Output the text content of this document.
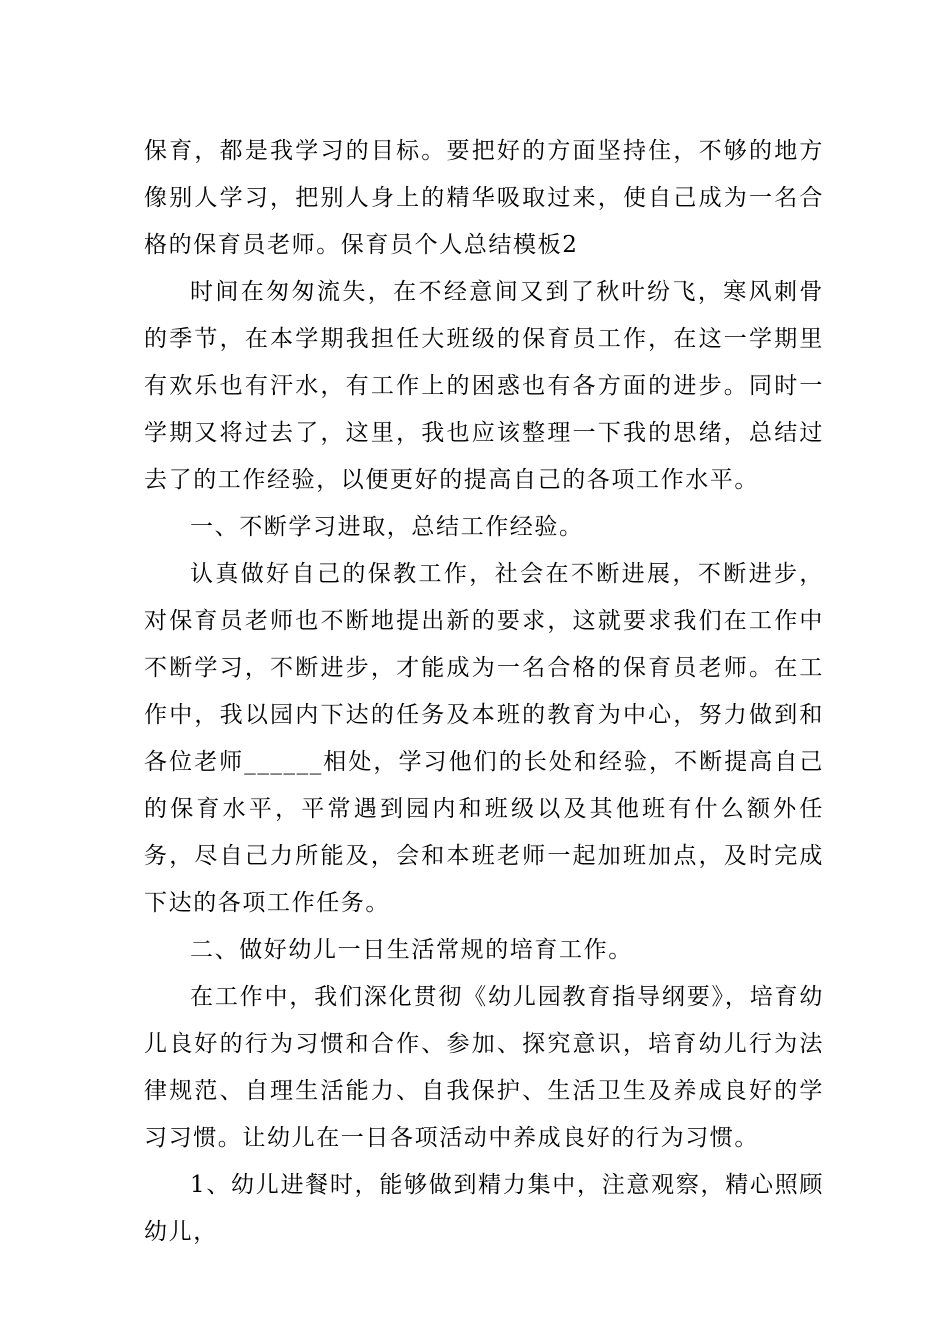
保育，都是我学习的目标。要把好的方面坚持住，不够的地方像别人学习，把别人身上的精华吸取过来，使自己成为一名合格的保育员老师。保育员个人总结模板2

时间在匆匆流失，在不经意间又到了秋叶纷飞，寒风刺骨的季节，在本学期我担任大班级的保育员工作，在这一学期里有欢乐也有汗水，有工作上的困惑也有各方面的进步。同时一学期又将过去了，这里，我也应该整理一下我的思绪，总结过去了的工作经验，以便更好的提高自己的各项工作水平。

一、不断学习进取，总结工作经验。

认真做好自己的保教工作，社会在不断进展，不断进步，对保育员老师也不断地提出新的要求，这就要求我们在工作中不断学习，不断进步，才能成为一名合格的保育员老师。在工作中，我以园内下达的任务及本班的教育为中心，努力做到和各位老师______相处，学习他们的长处和经验，不断提高自己的保育水平，平常遇到园内和班级以及其他班有什么额外任务，尽自己力所能及，会和本班老师一起加班加点，及时完成下达的各项工作任务。

二、做好幼儿一日生活常规的培育工作。

在工作中，我们深化贯彻《幼儿园教育指导纲要》，培育幼儿良好的行为习惯和合作、参加、探究意识，培育幼儿行为法律规范、自理生活能力、自我保护、生活卫生及养成良好的学习习惯。让幼儿在一日各项活动中养成良好的行为习惯。

1、幼儿进餐时，能够做到精力集中，注意观察，精心照顾幼儿，
